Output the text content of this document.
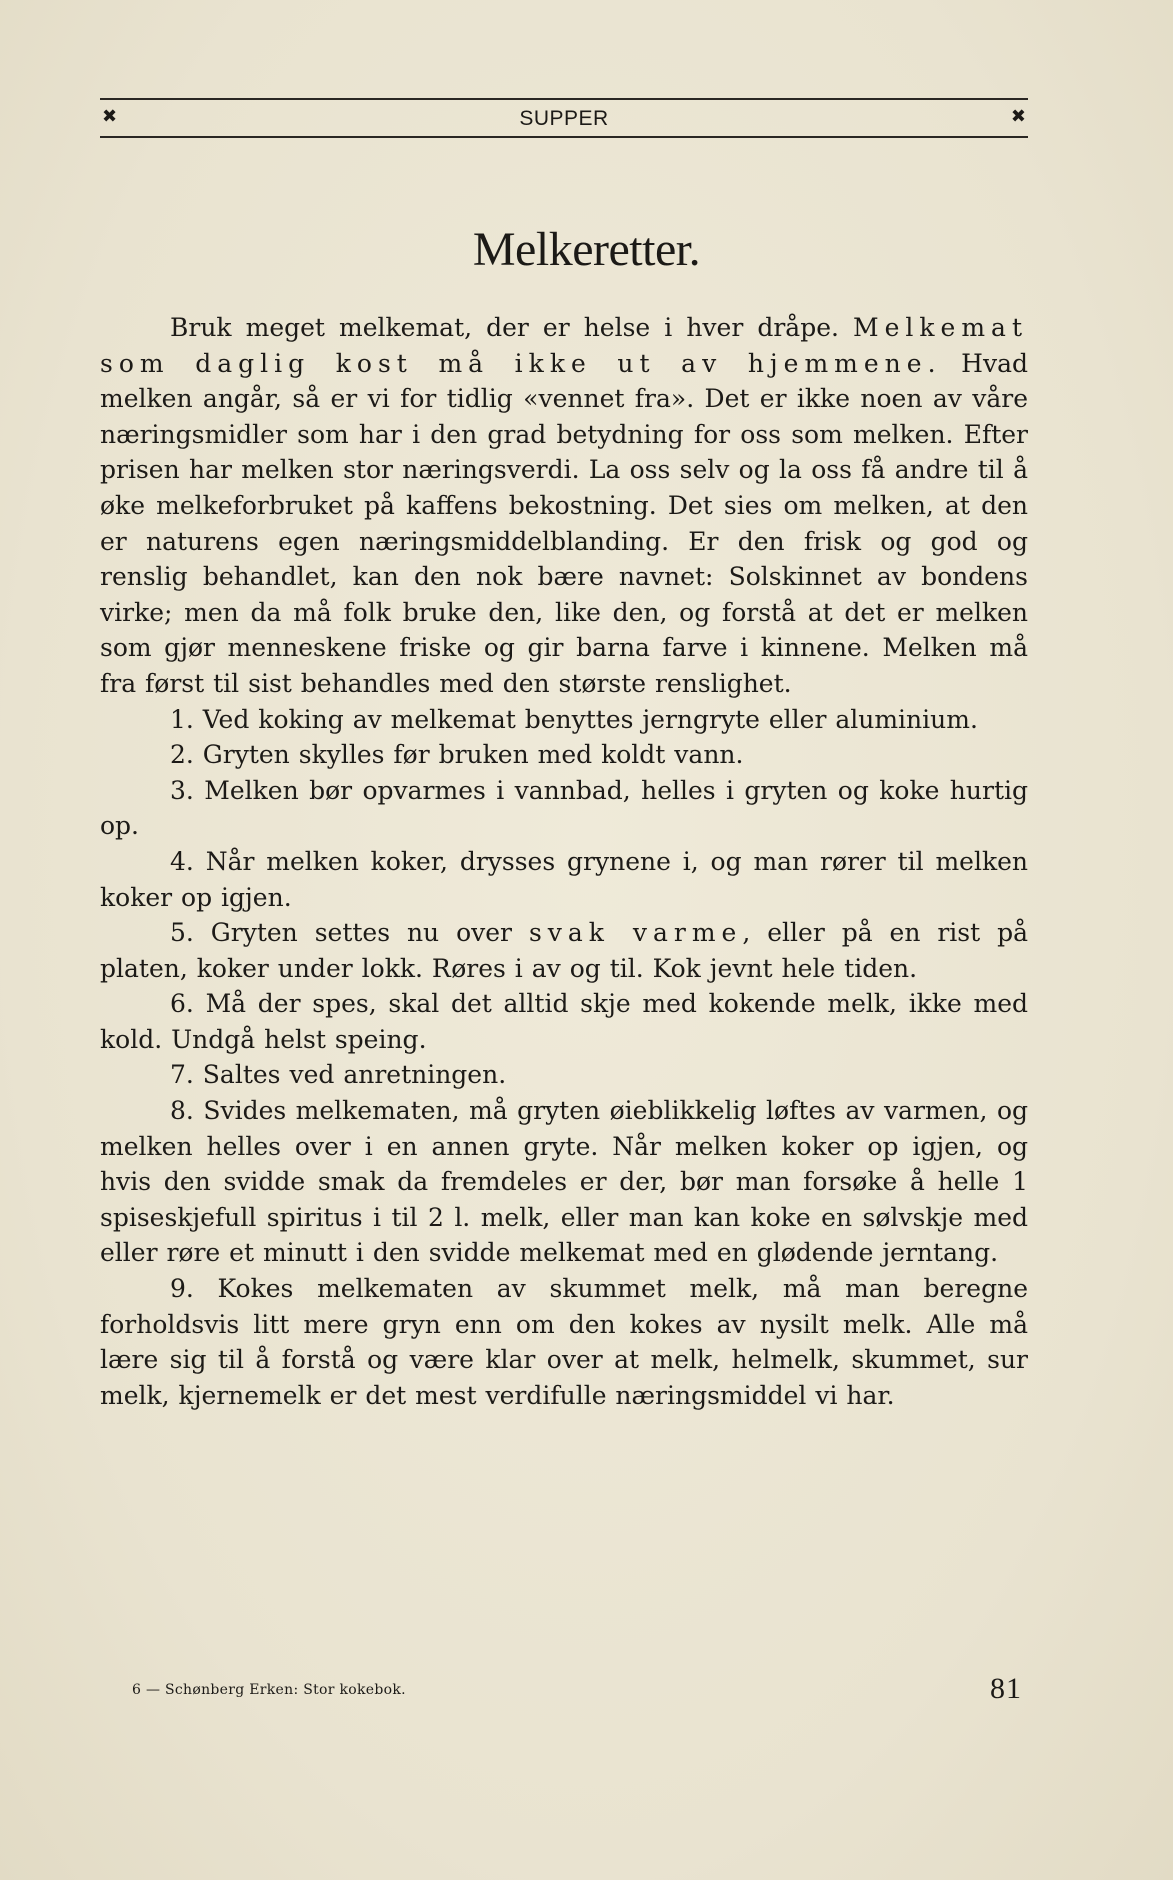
✖	SUPPER	✖
Melkeretter.

Bruk meget melkemat, der er helse i hver dråpe. Melkemat som daglig kost må ikke ut av hjemmene. Hvad melken angår, så er vi for tidlig «vennet fra». Det er ikke noen av våre næringsmidler som har i den grad betydning for oss som melken. Efter prisen har melken stor næringsverdi. La oss selv og la oss få andre til å øke melkeforbruket på kaffens bekostning. Det sies om melken, at den er naturens egen næringsmiddelblanding. Er den frisk og god og renslig behandlet, kan den nok bære navnet: Solskinnet av bondens virke; men da må folk bruke den, like den, og forstå at det er melken som gjør menneskene friske og gir barna farve i kinnene. Melken må fra først til sist behandles med den største renslighet.

1. Ved koking av melkemat benyttes jerngryte eller aluminium.

2. Gryten skylles før bruken med koldt vann.

3. Melken bør opvarmes i vannbad, helles i gryten og koke hurtig op.

4. Når melken koker, drysses grynene i, og man rører til melken koker op igjen.

5. Gryten settes nu over svak varme, eller på en rist på platen, koker under lokk. Røres i av og til. Kok jevnt hele tiden.

6. Må der spes, skal det alltid skje med kokende melk, ikke med kold. Undgå helst speing.

7. Saltes ved anretningen.

8. Svides melkematen, må gryten øieblikkelig løftes av varmen, og melken helles over i en annen gryte. Når melken koker op igjen, og hvis den svidde smak da fremdeles er der, bør man forsøke å helle 1 spiseskjefull spiritus i til 2 l. melk, eller man kan koke en sølvskje med eller røre et minutt i den svidde melkemat med en glødende jerntang.

9. Kokes melkematen av skummet melk, må man beregne forholdsvis litt mere gryn enn om den kokes av nysilt melk. Alle må lære sig til å forstå og være klar over at melk, helmelk, skummet, sur melk, kjernemelk er det mest verdifulle næringsmiddel vi har.

6 — Schønberg Erken: Stor kokebok.	81
